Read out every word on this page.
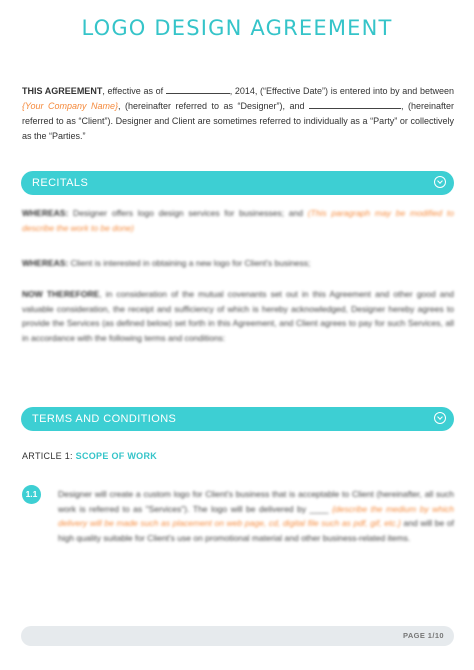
LOGO DESIGN AGREEMENT
THIS AGREEMENT, effective as of	, 2014, (“Effective Date”) is entered into by and between {Your Company Name}, (hereinafter referred to as “Designer”), and	, (hereinafter referred to as “Client”). Designer and Client are sometimes referred to individually as a “Party” or collectively as the “Parties.”
RECITALS
WHEREAS: Designer offers logo design services for businesses; and (This paragraph may be modified to describe the work to be done)
WHEREAS: Client is interested in obtaining a new logo for Client's business;
NOW THEREFORE, in consideration of the mutual covenants set out in this Agreement and other good and valuable consideration, the receipt and sufficiency of which is hereby acknowledged, Designer hereby agrees to provide the Services (as defined below) set forth in this Agreement, and Client agrees to pay for such Services, all in accordance with the following terms and conditions:
TERMS AND CONDITIONS
ARTICLE 1: SCOPE OF WORK
1.1	Designer will create a custom logo for Client's business that is acceptable to Client (hereinafter, all such work is referred to as "Services"). The logo will be delivered by ____ {describe the medium by which delivery will be made such as placement on web page, cd, digital file such as pdf, gif, etc.} and will be of high quality suitable for Client's use on promotional material and other business-related items.
PAGE 1/10
